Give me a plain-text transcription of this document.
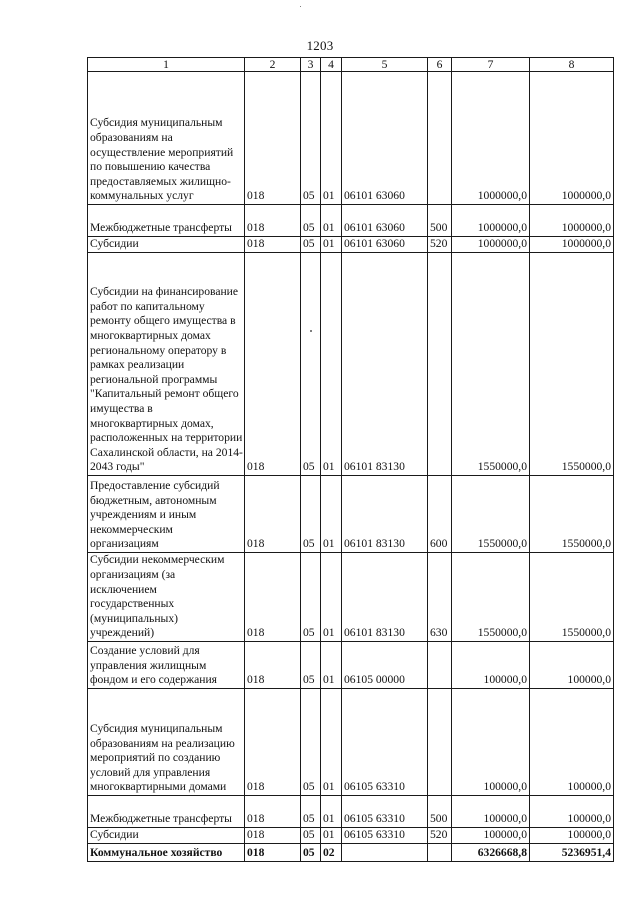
1203
1	2	3	4	5	6	7	8
Субсидия муниципальным образованиям на осуществление мероприятий по повышению качества предоставляемых жилищно-коммунальных услуг	018	05	01	06101 63060		1000000,0	1000000,0
Межбюджетные трансферты	018	05	01	06101 63060	500	1000000,0	1000000,0
Субсидии	018	05	01	06101 63060	520	1000000,0	1000000,0
Субсидии на финансирование работ по капитальному ремонту общего имущества в многоквартирных домах региональному оператору в рамках реализации региональной программы "Капитальный ремонт общего имущества в многоквартирных домах, расположенных на территории Сахалинской области, на 2014-2043 годы"	018	05	01	06101 83130		1550000,0	1550000,0
Предоставление субсидий бюджетным, автономным учреждениям и иным некоммерческим организациям	018	05	01	06101 83130	600	1550000,0	1550000,0
Субсидии некоммерческим организациям (за исключением государственных (муниципальных) учреждений)	018	05	01	06101 83130	630	1550000,0	1550000,0
Создание условий для управления жилищным фондом и его содержания	018	05	01	06105 00000		100000,0	100000,0
Субсидия муниципальным образованиям на реализацию мероприятий по созданию условий для управления многоквартирными домами	018	05	01	06105 63310		100000,0	100000,0
Межбюджетные трансферты	018	05	01	06105 63310	500	100000,0	100000,0
Субсидии	018	05	01	06105 63310	520	100000,0	100000,0
Коммунальное хозяйство	018	05	02			6326668,8	5236951,4
